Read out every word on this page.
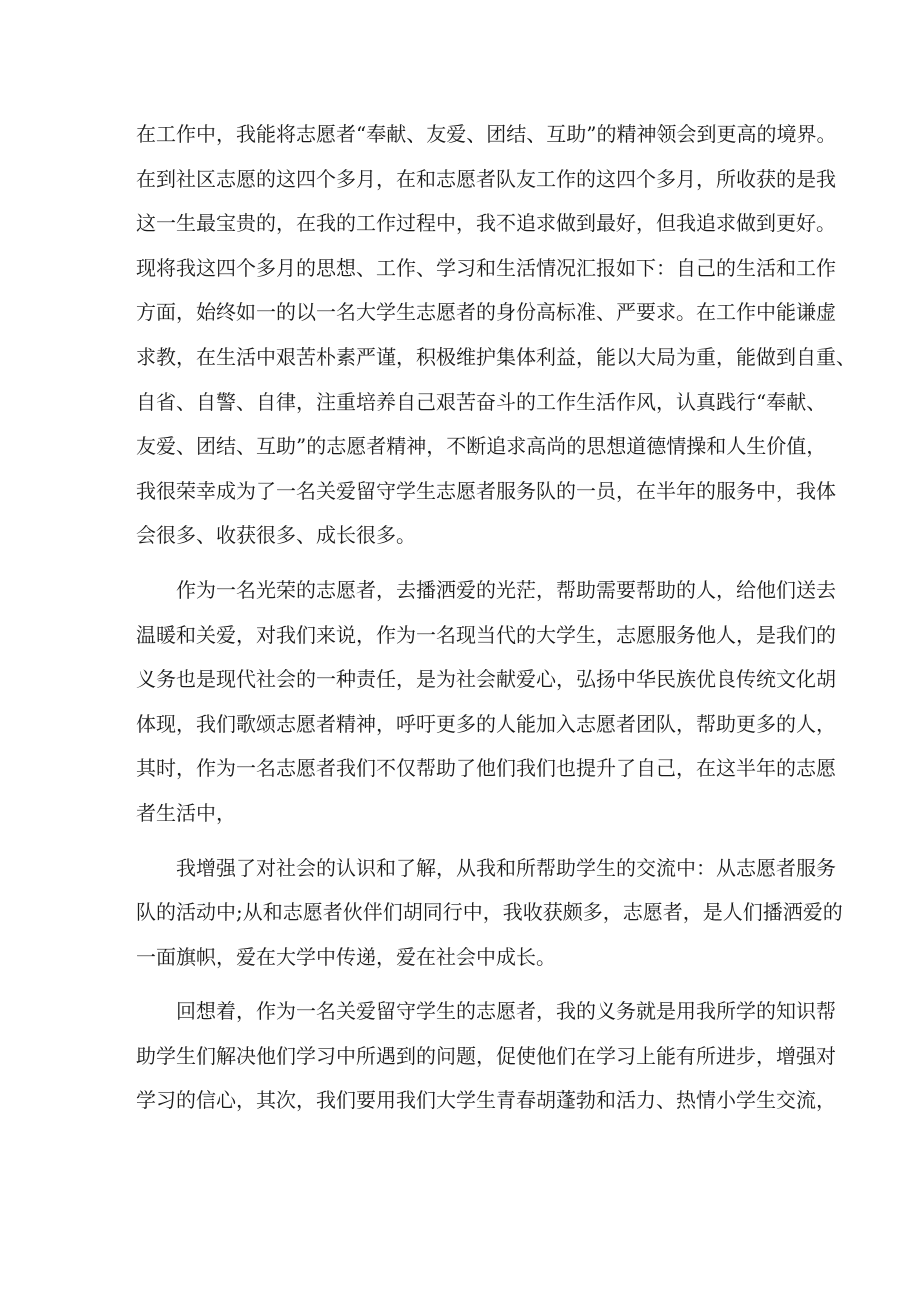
在工作中，我能将志愿者“奉献、友爱、团结、互助”的精神领会到更高的境界。
在到社区志愿的这四个多月，在和志愿者队友工作的这四个多月，所收获的是我
这一生最宝贵的，在我的工作过程中，我不追求做到最好，但我追求做到更好。
现将我这四个多月的思想、工作、学习和生活情况汇报如下：自己的生活和工作
方面，始终如一的以一名大学生志愿者的身份高标准、严要求。在工作中能谦虚
求教，在生活中艰苦朴素严谨，积极维护集体利益，能以大局为重，能做到自重、
自省、自警、自律，注重培养自己艰苦奋斗的工作生活作风，认真践行“奉献、
友爱、团结、互助”的志愿者精神，不断追求高尚的思想道德情操和人生价值，
我很荣幸成为了一名关爱留守学生志愿者服务队的一员，在半年的服务中，我体
会很多、收获很多、成长很多。

作为一名光荣的志愿者，去播洒爱的光茫，帮助需要帮助的人，给他们送去
温暖和关爱，对我们来说，作为一名现当代的大学生，志愿服务他人，是我们的
义务也是现代社会的一种责任，是为社会献爱心，弘扬中华民族优良传统文化胡
体现，我们歌颂志愿者精神，呼吁更多的人能加入志愿者团队，帮助更多的人，
其时，作为一名志愿者我们不仅帮助了他们我们也提升了自己，在这半年的志愿
者生活中，

我增强了对社会的认识和了解，从我和所帮助学生的交流中：从志愿者服务
队的活动中;从和志愿者伙伴们胡同行中，我收获颇多，志愿者，是人们播洒爱的
一面旗帜，爱在大学中传递，爱在社会中成长。

回想着，作为一名关爱留守学生的志愿者，我的义务就是用我所学的知识帮
助学生们解决他们学习中所遇到的问题，促使他们在学习上能有所进步，增强对
学习的信心，其次，我们要用我们大学生青春胡蓬勃和活力、热情小学生交流，
